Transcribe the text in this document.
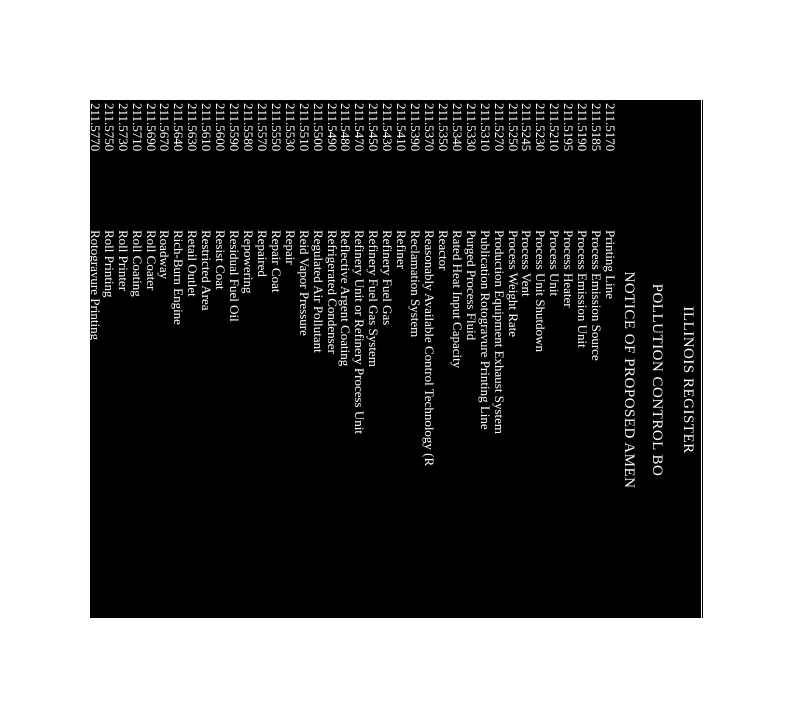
ILLINOIS REGISTER
POLLUTION CONTROL BO
NOTICE OF PROPOSED AMEN
211.5170
Printing Line
211.5185
Process Emission Source
211.5190
Process Emission Unit
211.5195
Process Heater
211.5210
Process Unit
211.5230
Process Unit Shutdown
211.5245
Process Vent
211.5250
Process Weight Rate
211.5270
Production Equipment Exhaust System
211.5310
Publication Rotogravure Printing Line
211.5330
Purged Process Fluid
211.5340
Rated Heat Input Capacity
211.5350
Reactor
211.5370
Reasonably Available Control Technology (R
211.5390
Reclamation System
211.5410
Refiner
211.5430
Refinery Fuel Gas
211.5450
Refinery Fuel Gas System
211.5470
Refinery Unit or Refinery Process Unit
211.5480
Reflective Argent Coating
211.5490
Refrigerated Condenser
211.5500
Regulated Air Pollutant
211.5510
Reid Vapor Pressure
211.5530
Repair
211.5550
Repair Coat
211.5570
Repaired
211.5580
Repowering
211.5590
Residual Fuel Oil
211.5600
Resist Coat
211.5610
Restricted Area
211.5630
Retail Outlet
211.5640
Rich-Burn Engine
211.5670
Roadway
211.5690
Roll Coater
211.5710
Roll Coating
211.5730
Roll Printer
211.5750
Roll Printing
211.5770
Rotogravure Printing
211.5790
Rotogravure Printing Line
